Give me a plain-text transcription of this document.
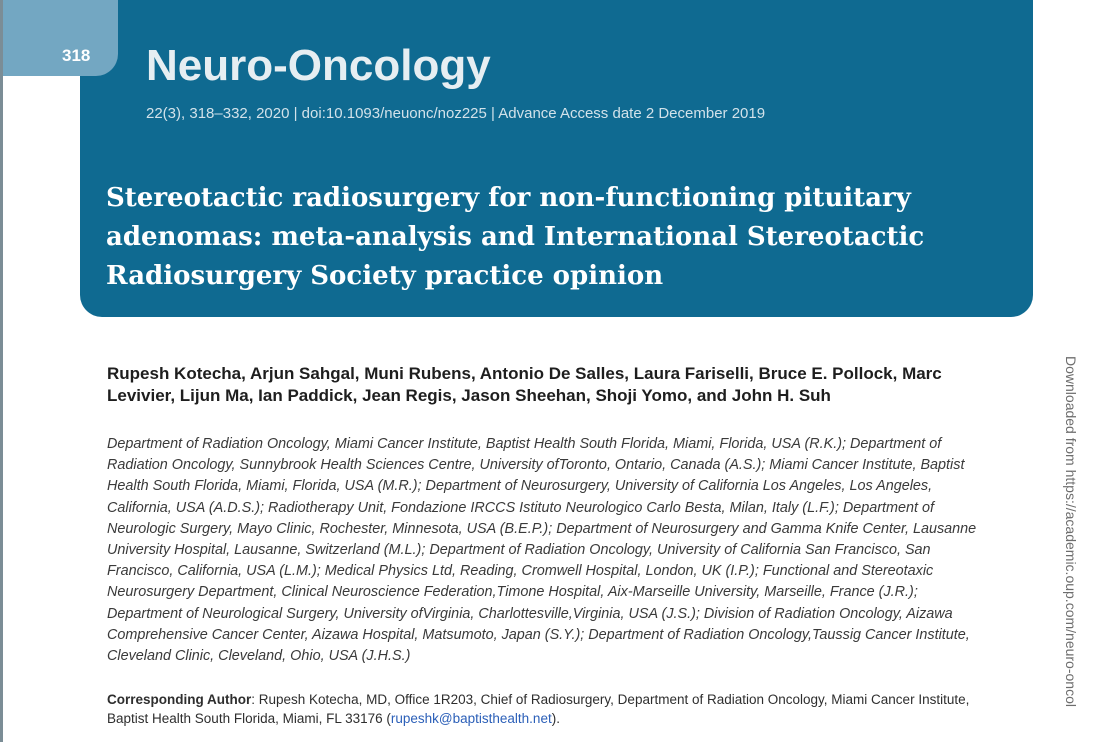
318 Neuro-Oncology
22(3), 318–332, 2020 | doi:10.1093/neuonc/noz225 | Advance Access date 2 December 2019
Stereotactic radiosurgery for non-functioning pituitary adenomas: meta-analysis and International Stereotactic Radiosurgery Society practice opinion
Rupesh Kotecha, Arjun Sahgal, Muni Rubens, Antonio De Salles, Laura Fariselli, Bruce E. Pollock, Marc Levivier, Lijun Ma, Ian Paddick, Jean Regis, Jason Sheehan, Shoji Yomo, and John H. Suh
Department of Radiation Oncology, Miami Cancer Institute, Baptist Health South Florida, Miami, Florida, USA (R.K.); Department of Radiation Oncology, Sunnybrook Health Sciences Centre, University ofToronto, Ontario, Canada (A.S.); Miami Cancer Institute, Baptist Health South Florida, Miami, Florida, USA (M.R.); Department of Neurosurgery, University of California Los Angeles, Los Angeles, California, USA (A.D.S.); Radiotherapy Unit, Fondazione IRCCS Istituto Neurologico Carlo Besta, Milan, Italy (L.F.); Department of Neurologic Surgery, Mayo Clinic, Rochester, Minnesota, USA (B.E.P.); Department of Neurosurgery and Gamma Knife Center, Lausanne University Hospital, Lausanne, Switzerland (M.L.); Department of Radiation Oncology, University of California San Francisco, San Francisco, California, USA (L.M.); Medical Physics Ltd, Reading, Cromwell Hospital, London, UK (I.P.); Functional and Stereotaxic Neurosurgery Department, Clinical Neuroscience Federation,Timone Hospital, Aix-Marseille University, Marseille, France (J.R.); Department of Neurological Surgery, University ofVirginia, Charlottesville,Virginia, USA (J.S.); Division of Radiation Oncology, Aizawa Comprehensive Cancer Center, Aizawa Hospital, Matsumoto, Japan (S.Y.); Department of Radiation Oncology,Taussig Cancer Institute, Cleveland Clinic, Cleveland, Ohio, USA (J.H.S.)
Corresponding Author: Rupesh Kotecha, MD, Office 1R203, Chief of Radiosurgery, Department of Radiation Oncology, Miami Cancer Institute, Baptist Health South Florida, Miami, FL 33176 (rupeshk@baptisthealth.net).
Downloaded from https://academic.oup.com/neuro-oncol
